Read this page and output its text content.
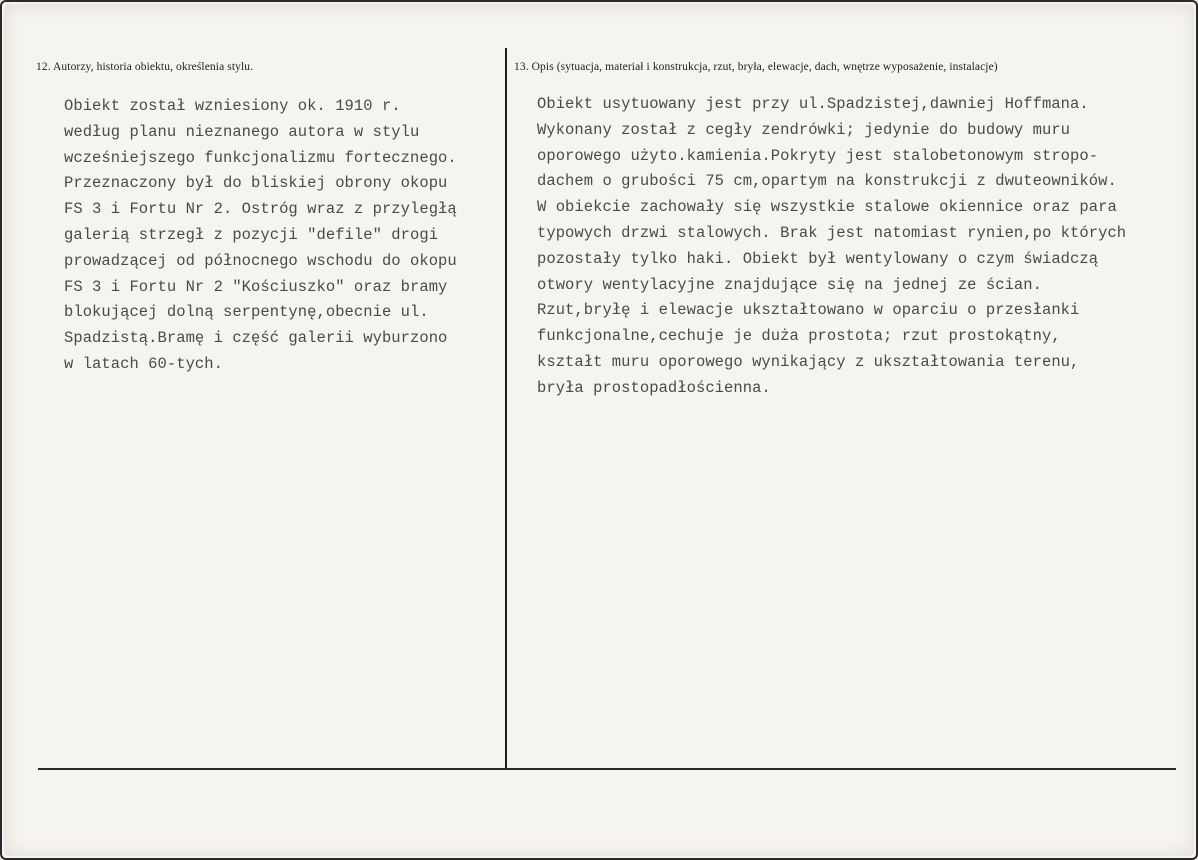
12. Autorzy, historia obiektu, określenia stylu.	13. Opis (sytuacja, materiał i konstrukcja, rzut, bryła, elewacje, dach, wnętrze wyposażenie, instalacje)
Obiekt został wzniesiony ok. 1910 r.
według planu nieznanego autora w stylu
wcześniejszego funkcjonalizmu fortecznego.
Przeznaczony był do bliskiej obrony okopu
FS 3 i Fortu Nr 2. Ostróg wraz z przyległą
galerią strzegł z pozycji "defile" drogi
prowadzącej od północnego wschodu do okopu
FS 3 i Fortu Nr 2 "Kościuszko" oraz bramy
blokującej dolną serpentynę,obecnie ul.
Spadzistą.Bramę i część galerii wyburzono
w latach 60-tych.
Obiekt usytuowany jest przy ul.Spadzistej,dawniej Hoffmana.
Wykonany został z cegły zendrówki; jedynie do budowy muru
oporowego użyto.kamienia.Pokryty jest stalobetonowym stropo-
dachem o grubości 75 cm,opartym na konstrukcji z dwuteowników.
W obiekcie zachowały się wszystkie stalowe okiennice oraz para
typowych drzwi stalowych. Brak jest natomiast rynien,po których
pozostały tylko haki. Obiekt był wentylowany o czym świadczą
otwory wentylacyjne znajdujące się na jednej ze ścian.
Rzut,bryłę i elewacje ukształtowano w oparciu o przesłanki
funkcjonalne,cechuje je duża prostota; rzut prostokątny,
kształt muru oporowego wynikający z ukształtowania terenu,
bryła prostopadłościenna.
